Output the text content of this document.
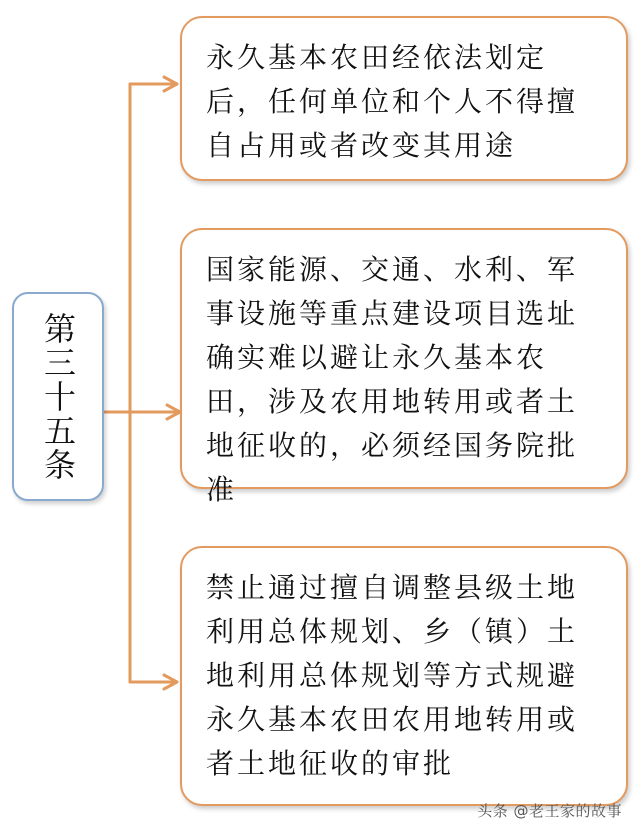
第三十五条
永久基本农田经依法划定后，任何单位和个人不得擅自占用或者改变其用途
国家能源、交通、水利、军事设施等重点建设项目选址确实难以避让永久基本农田，涉及农用地转用或者土地征收的，必须经国务院批准
禁止通过擅自调整县级土地利用总体规划、乡（镇）土地利用总体规划等方式规避永久基本农田农用地转用或者土地征收的审批
头条 @老王家的故事
